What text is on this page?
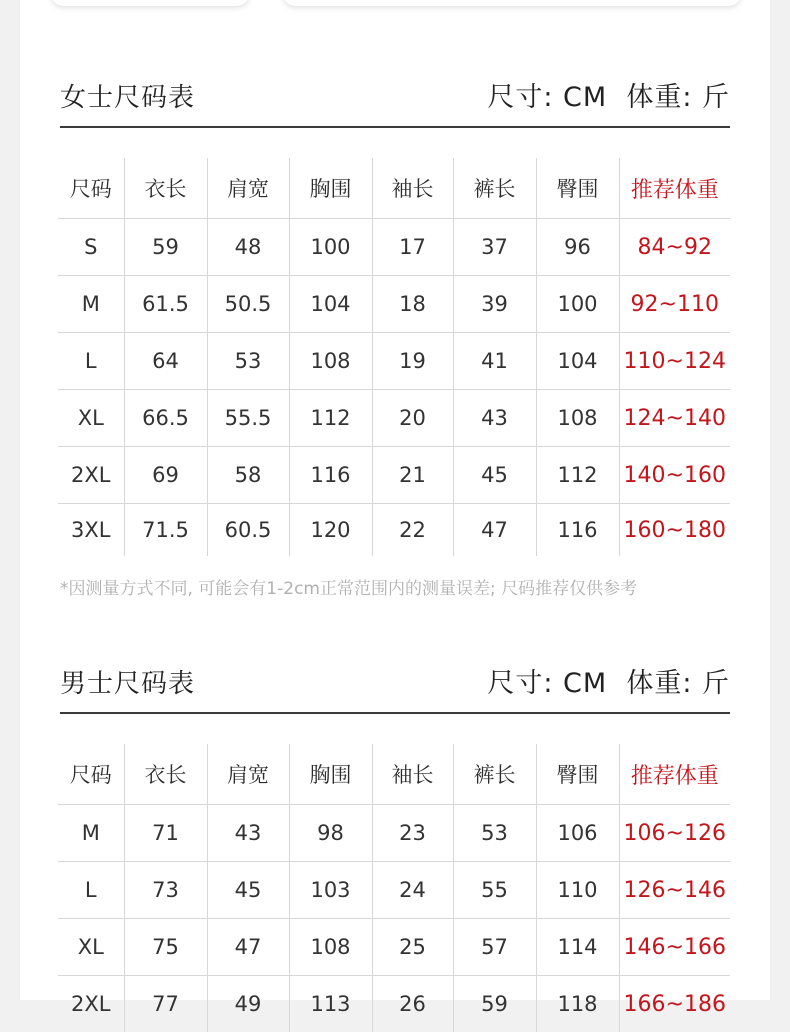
女士尺码表	尺寸: CM  体重: 斤
尺码	衣长	肩宽	胸围	袖长	裤长	臀围	推荐体重
S	59	48	100	17	37	96	84~92
M	61.5	50.5	104	18	39	100	92~110
L	64	53	108	19	41	104	110~124
XL	66.5	55.5	112	20	43	108	124~140
2XL	69	58	116	21	45	112	140~160
3XL	71.5	60.5	120	22	47	116	160~180
*因测量方式不同, 可能会有1-2cm正常范围内的测量误差; 尺码推荐仅供参考
男士尺码表	尺寸: CM  体重: 斤
尺码	衣长	肩宽	胸围	袖长	裤长	臀围	推荐体重
M	71	43	98	23	53	106	106~126
L	73	45	103	24	55	110	126~146
XL	75	47	108	25	57	114	146~166
2XL	77	49	113	26	59	118	166~186
